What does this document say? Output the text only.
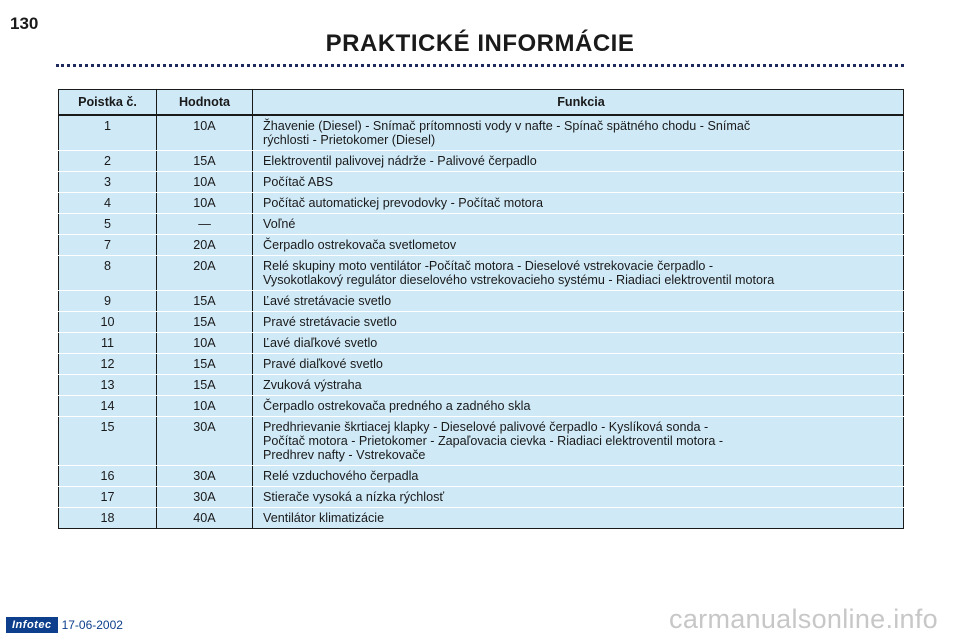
130
PRAKTICKÉ INFORMÁCIE
Poistka č.	Hodnota	Funkcia
1	10A	Žhavenie (Diesel) - Snímač prítomnosti vody v nafte - Spínač spätného chodu - Snímač
rýchlosti - Prietokomer (Diesel)

2	15A	Elektroventil palivovej nádrže - Palivové čerpadlo

3	10A	Počítač ABS

4	10A	Počítač automatickej prevodovky - Počítač motora

5	—	Voľné

7	20A	Čerpadlo ostrekovača svetlometov

8	20A	Relé skupiny moto ventilátor -Počítač motora - Dieselové vstrekovacie čerpadlo -
Vysokotlakový regulátor dieselového vstrekovacieho systému - Riadiaci elektroventil motora

9	15A	Ľavé stretávacie svetlo

10	15A	Pravé stretávacie svetlo

11	10A	Ľavé diaľkové svetlo

12	15A	Pravé diaľkové svetlo

13	15A	Zvuková výstraha

14	10A	Čerpadlo ostrekovača predného a zadného skla

15	30A	Predhrievanie škrtiacej klapky - Dieselové palivové čerpadlo - Kyslíková sonda -
Počítač motora - Prietokomer - Zapaľovacia cievka - Riadiaci elektroventil motora -
Predhrev nafty - Vstrekovače

16	30A	Relé vzduchového čerpadla

17	30A	Stierače vysoká a nízka rýchlosť

18	40A	Ventilátor klimatizácie
Infotec 17-06-2002	carmanualsonline.info
